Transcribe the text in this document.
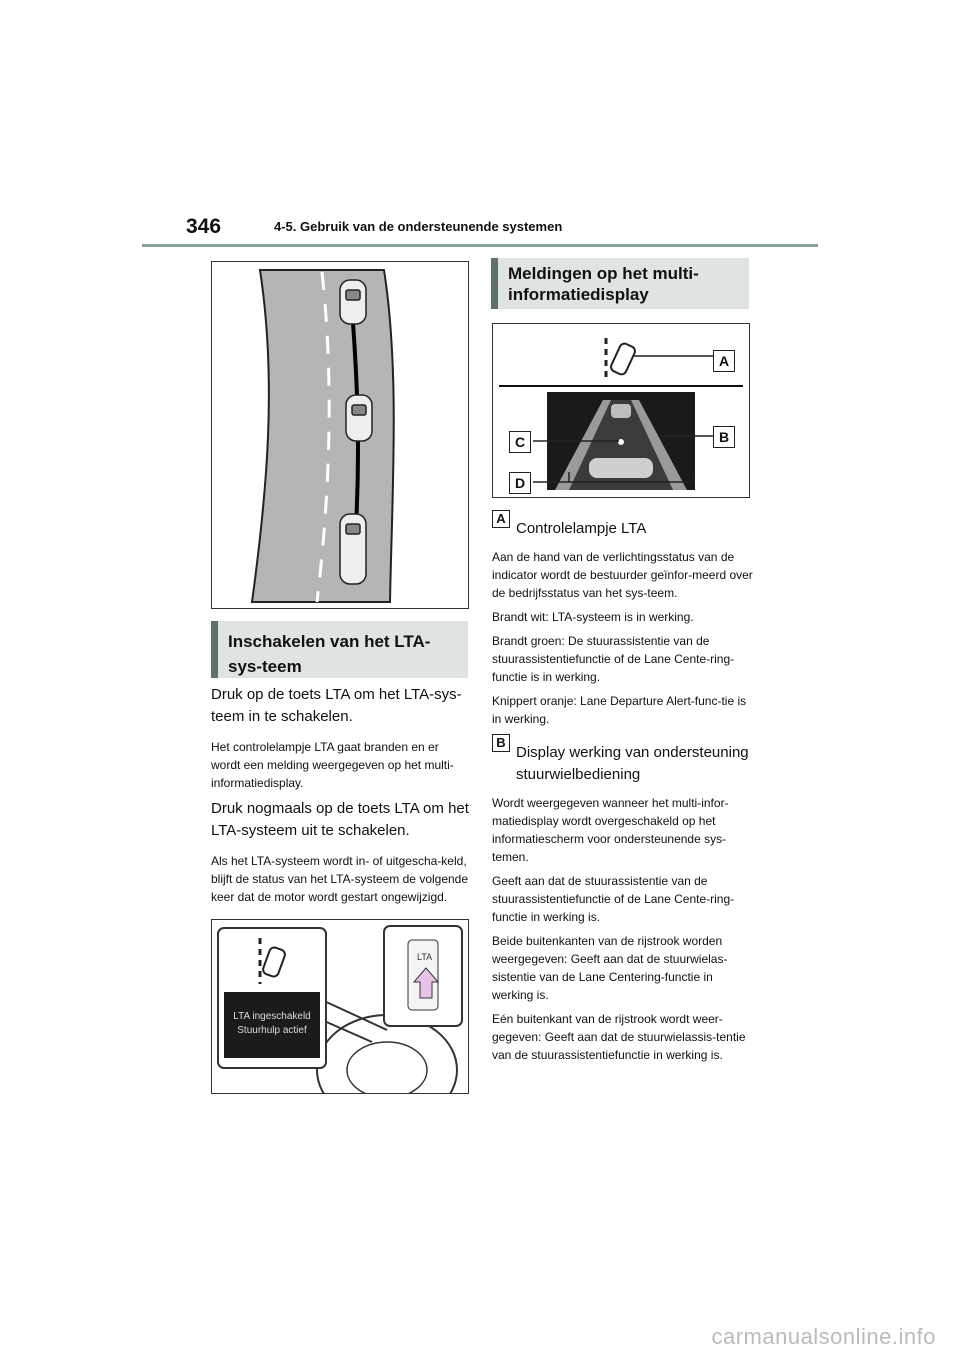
346	4-5. Gebruik van de ondersteunende systemen
Inschakelen van het LTA-sys-teem

Druk op de toets LTA om het LTA-sys-teem in te schakelen.

Het controlelampje LTA gaat branden en er wordt een melding weergegeven op het multi-informatiedisplay.

Druk nogmaals op de toets LTA om het LTA-systeem uit te schakelen.

Als het LTA-systeem wordt in- of uitgescha-keld, blijft de status van het LTA-systeem de volgende keer dat de motor wordt gestart ongewijzigd.

LTA
LTA ingeschakeld
Stuurhulp actief
Meldingen op het multi-informatiedisplay
A
B
C
D
A
Controlelampje LTA

Aan de hand van de verlichtingsstatus van de indicator wordt de bestuurder geïnfor-meerd over de bedrijfsstatus van het sys-teem.

Brandt wit: LTA-systeem is in werking.

Brandt groen: De stuurassistentie van de stuurassistentiefunctie of de Lane Cente-ring-functie is in werking.

Knippert oranje: Lane Departure Alert-func-tie is in werking.

B
Display werking van ondersteuning stuurwielbediening

Wordt weergegeven wanneer het multi-infor-matiedisplay wordt overgeschakeld op het informatiescherm voor ondersteunende sys-temen.

Geeft aan dat de stuurassistentie van de stuurassistentiefunctie of de Lane Cente-ring-functie in werking is.

Beide buitenkanten van de rijstrook worden weergegeven: Geeft aan dat de stuurwielas-sistentie van de Lane Centering-functie in werking is.

Eén buitenkant van de rijstrook wordt weer-gegeven: Geeft aan dat de stuurwielassis-tentie van de stuurassistentiefunctie in werking is.

carmanualsonline.info
